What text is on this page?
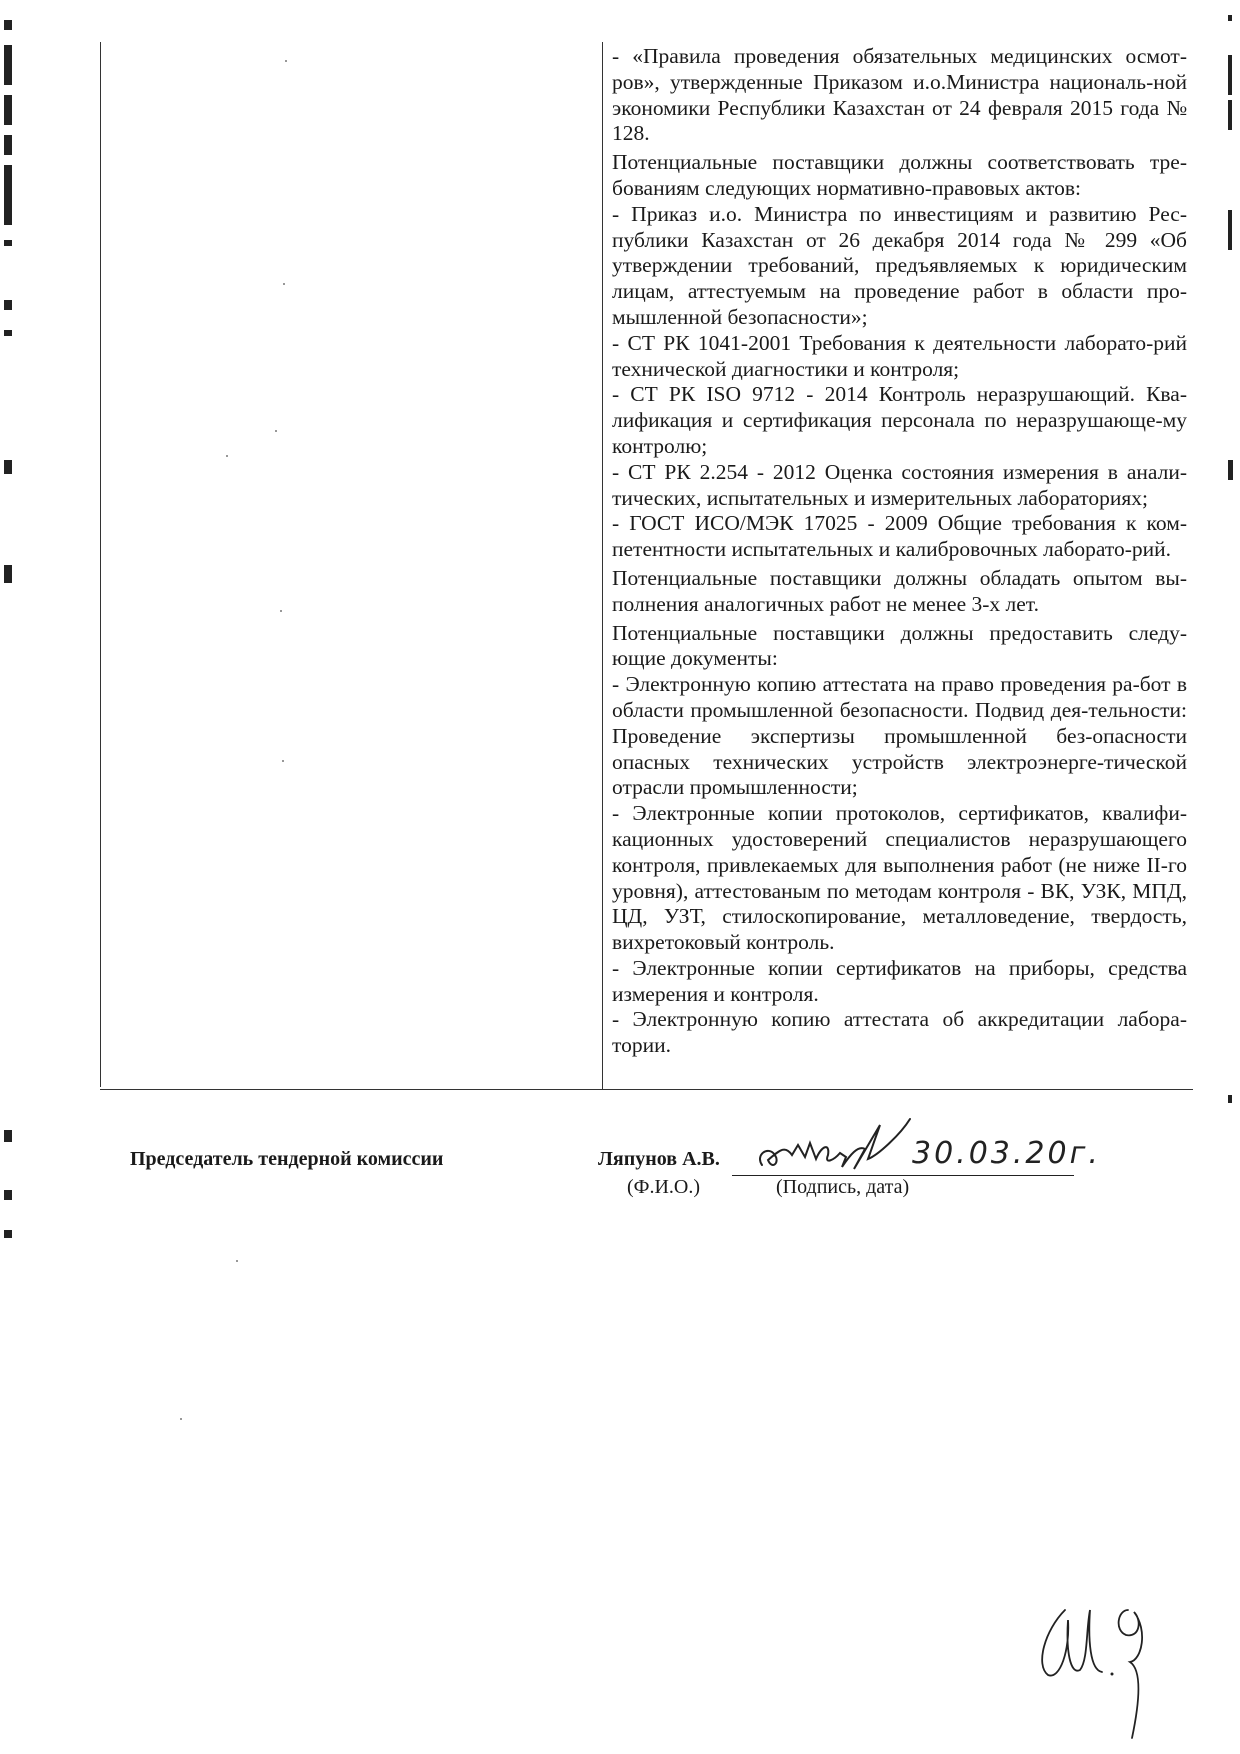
- «Правила проведения обязательных медицинских осмот-ров», утвержденные Приказом и.о.Министра националь-ной экономики Республики Казахстан от 24 февраля 2015 года № 128.

Потенциальные поставщики должны соответствовать тре-бованиям следующих нормативно-правовых актов:

- Приказ и.о. Министра по инвестициям и развитию Рес-публики Казахстан от 26 декабря 2014 года № 299 «Об утверждении требований, предъявляемых к юридическим лицам, аттестуемым на проведение работ в области про-мышленной безопасности»;

- СТ РК 1041-2001 Требования к деятельности лаборато-рий технической диагностики и контроля;

- СТ РК ISO 9712 - 2014 Контроль неразрушающий. Ква-лификация и сертификация персонала по неразрушающе-му контролю;

- СТ РК 2.254 - 2012 Оценка состояния измерения в анали-тических, испытательных и измерительных лабораториях;

- ГОСТ ИСО/МЭК 17025 - 2009 Общие требования к ком-петентности испытательных и калибровочных лаборато-рий.

Потенциальные поставщики должны обладать опытом вы-полнения аналогичных работ не менее 3-х лет.

Потенциальные поставщики должны предоставить следу-ющие документы:

- Электронную копию аттестата на право проведения ра-бот в области промышленной безопасности. Подвид дея-тельности: Проведение экспертизы промышленной без-опасности опасных технических устройств электроэнерге-тической отрасли промышленности;

- Электронные копии протоколов, сертификатов, квалифи-кационных удостоверений специалистов неразрушающего контроля, привлекаемых для выполнения работ (не ниже II-го уровня), аттестованым по методам контроля - ВК, УЗК, МПД, ЦД, УЗТ, стилоскопирование, металловедение, твердость, вихретоковый контроль.

- Электронные копии сертификатов на приборы, средства измерения и контроля.

- Электронную копию аттестата об аккредитации лабора-тории.

Председатель тендерной комиссии	Ляпунов А.В.	30.03.20г.
(Ф.И.О.)	(Подпись, дата)
